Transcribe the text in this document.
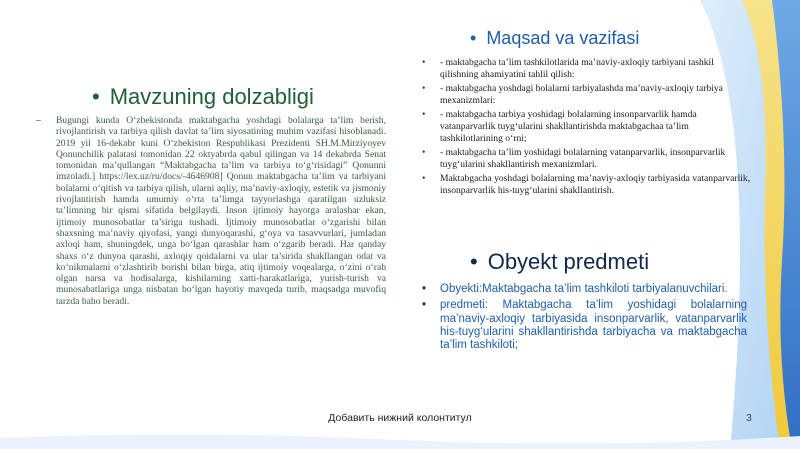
• Mavzuning dolzabligi
– Bugungi kunda O‘zbekistonda maktabgacha yoshdagi bolalarga ta’lim berish, rivojlantirish va tarbiya qilish davlat ta’lim siyosatining muhim vazifasi hisoblanadi. 2019 yil 16-dekabr kuni O‘zbekiston Respublikasi Prezidenti SH.M.Mirziyoyev Qonunchilik palatasi tomonidan 22 oktyabrda qabul qilingan va 14 dekabrda Senat tomonidan ma’qullangan “Maktabgacha ta’lim va tarbiya to‘g‘risidagi” Qonunni imzoladi.] https://lex.uz/ru/docs/-4646908] Qonun maktabgacha ta’lim va tarbiyani bolalarni o‘qitish va tarbiya qilish, ularni aqliy, ma’naviy-axloqiy, estetik va jismoniy rivojlantirish hamda umumiy o‘rta ta’limga tayyorlashga qaratilgan uzluksiz ta’limning bir qismi sifatida belgilaydi. Inson ijtimoiy hayotga aralashar ekan, ijtimoiy munosobatlar ta’siriga tushadi. Ijtimoiy munosobatlar o‘zgarishi bilan shaxsning ma’naviy qiyofasi, yangi dunyoqarashi, g‘oya va tasavvurlari, jumladan axloqi ham, shuningdek, unga bo‘lgan qarashlar ham o‘zgarib beradi. Har qanday shaxs o‘z dunyoa qarashi, axloqiy qoidalarni va ular ta’sirida shakllangan odat va ko‘nikmalarni o‘zlashtirib borishi bilan birga, atiq ijtimoiy voqealarga, o‘zini o‘rab olgan narsa va hodisalarga, kishilarning xatti-harakatlariga, yurish-turish va munosabatlariga unga nisbatan bo‘lgan hayotiy mavqeda turib, maqsadga muvofiq tarzda baho beradi.
• Maqsad va vazifasi
• - maktabgacha ta’lim tashkilotlarida ma’naviy-axloqiy tarbiyani tashkil qilishning ahamiyatini tahlil qilish:
• - maktabgacha yoshdagi bolalarni tarbiyalashda ma’naviy-axloqiy tarbiya mexanizmlari:
• - maktabgacha tarbiya yoshidagi bolalarning insonparvarlik hamda vatanparvarlik tuyg‘ularini shakllantirishda maktabgachaa ta’lim tashkilotlarining o‘rni;
• - maktabgacha ta’lim yoshidagi bolalarning vatanparvarlik, insonparvarlik tuyg‘ularini shakllantirish mexanizmlari.
• Maktabgacha yoshdagi bolalarning ma’naviy-axloqiy tarbiyasida vatanparvarlik, insonparvarlik his-tuyg‘ularini shakllantirish.
• Obyekt predmeti
• Obyekti:Maktabgacha ta’lim tashkiloti tarbiyalanuvchilari.
• predmeti: Maktabgacha ta’lim yoshidagi bolalarning ma’naviy-axloqiy tarbiyasida insonparvarlik, vatanparvarlik his-tuyg‘ularini shakllantirishda tarbiyacha va maktabgacha ta’lim tashkiloti;
Добавить нижний колонтитул	3
